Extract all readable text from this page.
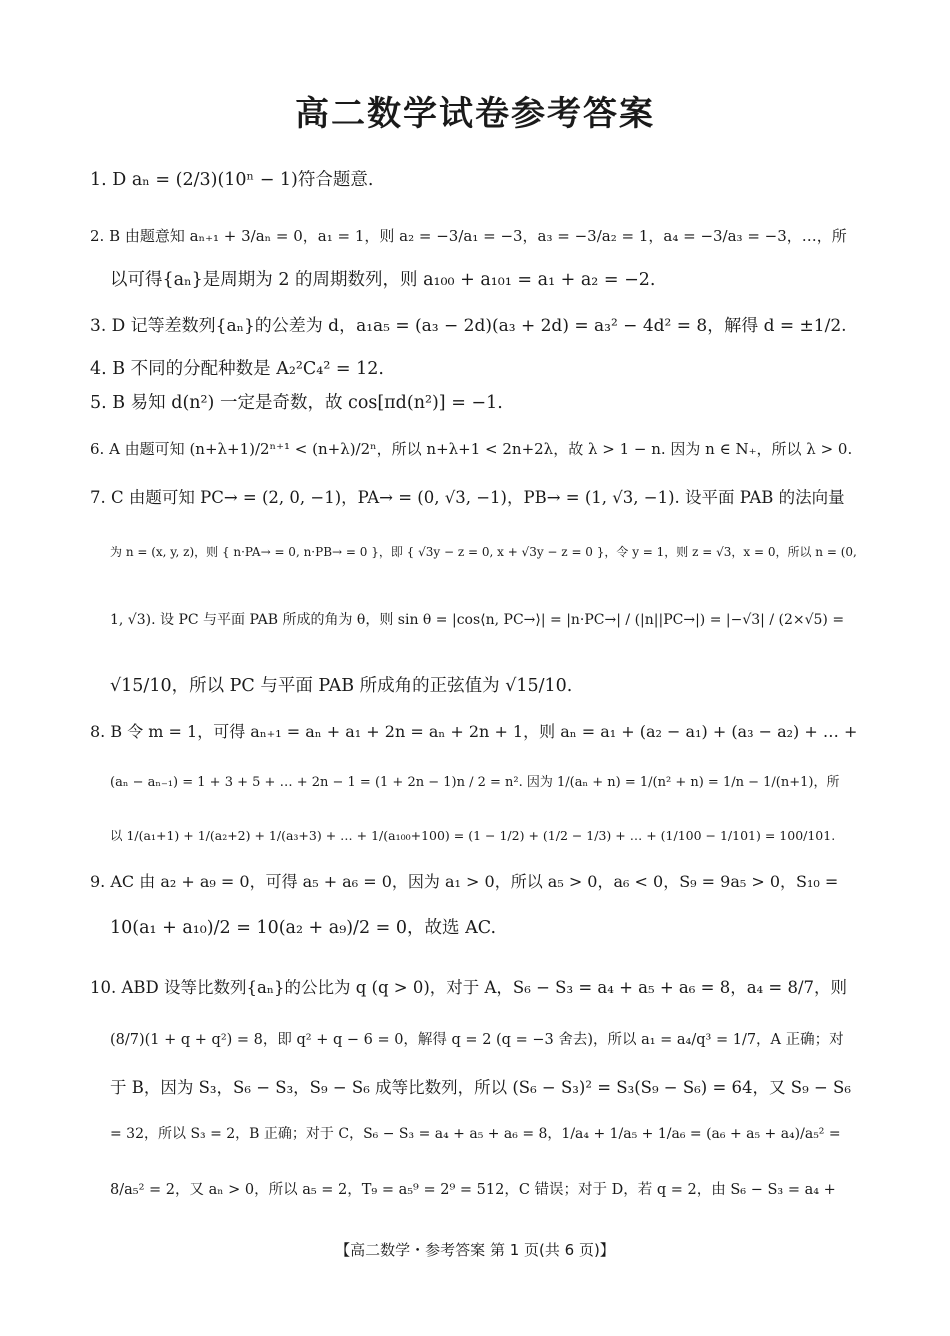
高二数学试卷参考答案
1. D aₙ = (2/3)(10ⁿ − 1)符合题意.
2. B 由题意知 aₙ₊₁ + 3/aₙ = 0，a₁ = 1，则 a₂ = −3/a₁ = −3，a₃ = −3/a₂ = 1，a₄ = −3/a₃ = −3，…，所
以可得{aₙ}是周期为 2 的周期数列，则 a₁₀₀ + a₁₀₁ = a₁ + a₂ = −2.
3. D 记等差数列{aₙ}的公差为 d，a₁a₅ = (a₃ − 2d)(a₃ + 2d) = a₃² − 4d² = 8，解得 d = ±1/2.
4. B 不同的分配种数是 A₂²C₄² = 12.
5. B 易知 d(n²) 一定是奇数，故 cos[πd(n²)] = −1.
6. A 由题可知 (n+λ+1)/2ⁿ⁺¹ < (n+λ)/2ⁿ，所以 n+λ+1 < 2n+2λ，故 λ > 1 − n. 因为 n ∈ N₊，所以 λ > 0.
7. C 由题可知 PC→ = (2, 0, −1)，PA→ = (0, √3, −1)，PB→ = (1, √3, −1). 设平面 PAB 的法向量
为 n = (x, y, z)，则 { n·PA→ = 0, n·PB→ = 0 }，即 { √3y − z = 0, x + √3y − z = 0 }，令 y = 1，则 z = √3，x = 0，所以 n = (0,
1, √3). 设 PC 与平面 PAB 所成的角为 θ，则 sin θ = |cos⟨n, PC→⟩| = |n·PC→| / (|n||PC→|) = |−√3| / (2×√5) =
√15/10，所以 PC 与平面 PAB 所成角的正弦值为 √15/10.
8. B 令 m = 1，可得 aₙ₊₁ = aₙ + a₁ + 2n = aₙ + 2n + 1，则 aₙ = a₁ + (a₂ − a₁) + (a₃ − a₂) + … +
(aₙ − aₙ₋₁) = 1 + 3 + 5 + … + 2n − 1 = (1 + 2n − 1)n / 2 = n². 因为 1/(aₙ + n) = 1/(n² + n) = 1/n − 1/(n+1)，所
以 1/(a₁+1) + 1/(a₂+2) + 1/(a₃+3) + … + 1/(a₁₀₀+100) = (1 − 1/2) + (1/2 − 1/3) + … + (1/100 − 1/101) = 100/101.
9. AC 由 a₂ + a₉ = 0，可得 a₅ + a₆ = 0，因为 a₁ > 0，所以 a₅ > 0，a₆ < 0，S₉ = 9a₅ > 0，S₁₀ =
10(a₁ + a₁₀)/2 = 10(a₂ + a₉)/2 = 0，故选 AC.
10. ABD 设等比数列{aₙ}的公比为 q (q > 0)，对于 A，S₆ − S₃ = a₄ + a₅ + a₆ = 8，a₄ = 8/7，则
(8/7)(1 + q + q²) = 8，即 q² + q − 6 = 0，解得 q = 2 (q = −3 舍去)，所以 a₁ = a₄/q³ = 1/7，A 正确；对
于 B，因为 S₃，S₆ − S₃，S₉ − S₆ 成等比数列，所以 (S₆ − S₃)² = S₃(S₉ − S₆) = 64，又 S₉ − S₆
= 32，所以 S₃ = 2，B 正确；对于 C，S₆ − S₃ = a₄ + a₅ + a₆ = 8，1/a₄ + 1/a₅ + 1/a₆ = (a₆ + a₅ + a₄)/a₅² =
8/a₅² = 2，又 aₙ > 0，所以 a₅ = 2，T₉ = a₅⁹ = 2⁹ = 512，C 错误；对于 D，若 q = 2，由 S₆ − S₃ = a₄ +
【高二数学・参考答案 第 1 页(共 6 页)】
